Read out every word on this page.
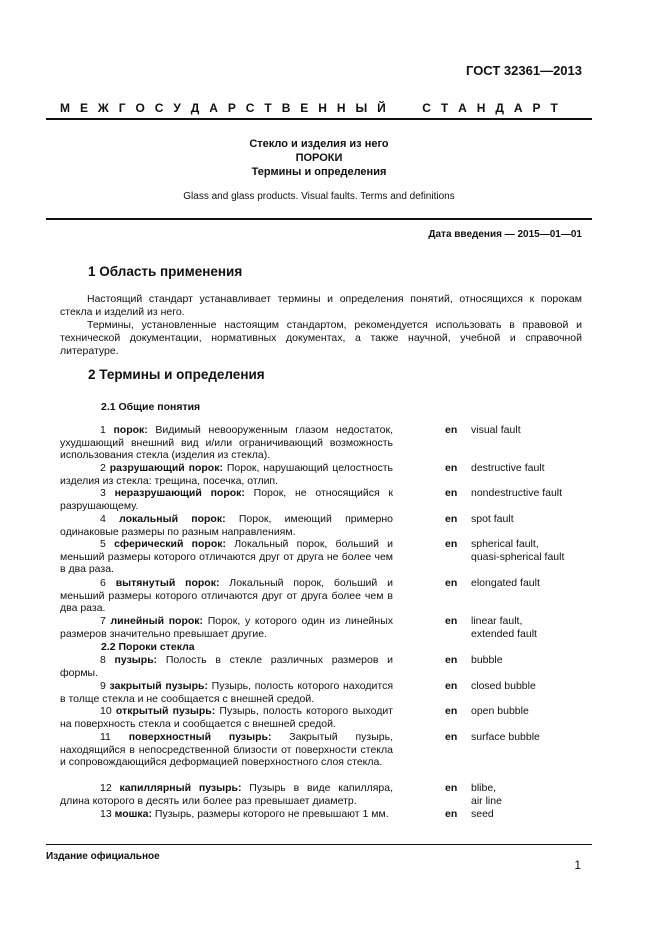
ГОСТ 32361—2013
М Е Ж Г О С У Д А Р С Т В Е Н Н Ы Й

	С Т А Н Д А Р Т
Стекло и изделия из него
ПОРОКИ
Термины и определения
Glass and glass products. Visual faults. Terms and definitions
Дата введения — 2015—01—01
1 Область применения

Настоящий стандарт устанавливает термины и определения понятий, относящихся к порокам стекла и изделий из него.

Термины, установленные настоящим стандартом, рекомендуется использовать в правовой и технической документации, нормативных документах, а также научной, учебной и справочной литературе.

2 Термины и определения
2.1 Общие понятия
2.2 Пороки стекла
1 порок: Видимый невооруженным глазом недостаток, ухудшающий внешний вид и/или ограничивающий возможность использования стекла (изделия из стекла).
en visual fault
2 разрушающий порок: Порок, нарушающий целостность изделия из стекла: трещина, посечка, отлип.
en destructive fault
3 неразрушающий порок: Порок, не относящийся к разрушающему.
en nondestructive fault
4 локальный порок: Порок, имеющий примерно одинаковые размеры по разным направлениям.
en spot fault
5 сферический порок: Локальный порок, больший и меньший размеры которого отличаются друг от друга не более чем в два раза.
en spherical fault,
quasi-spherical fault
6 вытянутый порок: Локальный порок, больший и меньший размеры которого отличаются друг от друга более чем в два раза.
en elongated fault
7 линейный порок: Порок, у которого один из линейных размеров значительно превышает другие.
en linear fault,
extended fault
8 пузырь: Полость в стекле различных размеров и формы.
en bubble
9 закрытый пузырь: Пузырь, полость которого находится в толще стекла и не сообщается с внешней средой.
en closed bubble
10 открытый пузырь: Пузырь, полость которого выходит на поверхность стекла и сообщается с внешней средой.
en open bubble
11 поверхностный пузырь: Закрытый пузырь, находящийся в непосредственной близости от поверхности стекла и сопровождающийся деформацией поверхностного слоя стекла.
en surface bubble
12 капиллярный пузырь: Пузырь в виде капилляра, длина которого в десять или более раз превышает диаметр.
en blibe,
air line
13 мошка: Пузырь, размеры которого не превышают 1 мм.	en seed
Издание официальное
1
